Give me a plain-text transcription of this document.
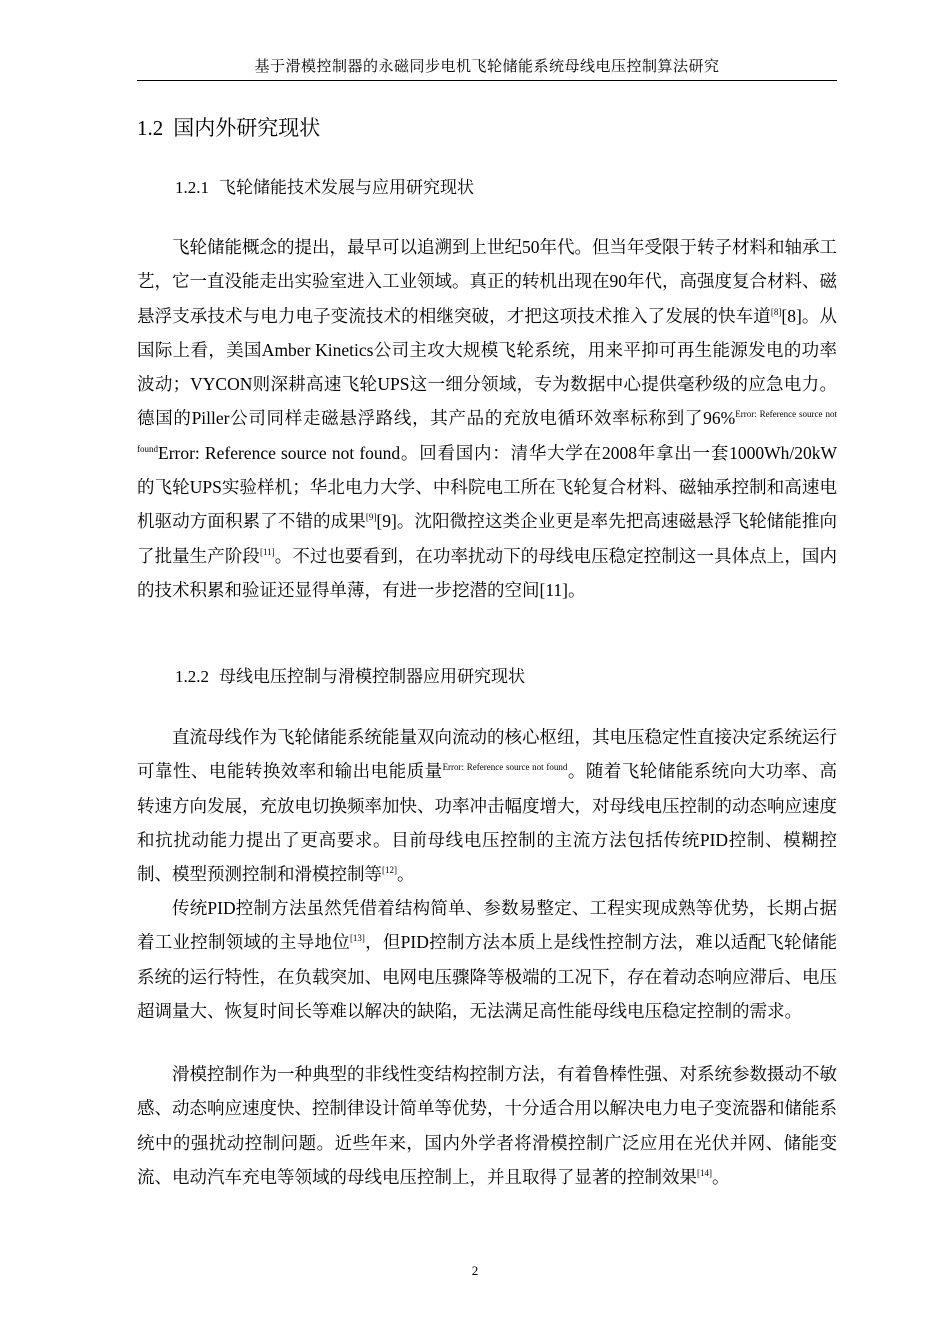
基于滑模控制器的永磁同步电机飞轮储能系统母线电压控制算法研究
1.2 国内外研究现状
1.2.1 飞轮储能技术发展与应用研究现状

飞轮储能概念的提出，最早可以追溯到上世纪50年代。但当年受限于转子材料和轴承工艺，它一直没能走出实验室进入工业领域。真正的转机出现在90年代，高强度复合材料、磁悬浮支承技术与电力电子变流技术的相继突破，才把这项技术推入了发展的快车道[8][8]。从国际上看，美国Amber Kinetics公司主攻大规模飞轮系统，用来平抑可再生能源发电的功率波动；VYCON则深耕高速飞轮UPS这一细分领域，专为数据中心提供毫秒级的应急电力。德国的Piller公司同样走磁悬浮路线，其产品的充放电循环效率标称到了96%$^{Error: Reference source not found}$Error: Reference source not found。回看国内：清华大学在2008年拿出一套1000Wh/20kW的飞轮UPS实验样机；华北电力大学、中科院电工所在飞轮复合材料、磁轴承控制和高速电机驱动方面积累了不错的成果[9][9]。沈阳微控这类企业更是率先把高速磁悬浮飞轮储能推向了批量生产阶段[11]。不过也要看到，在功率扰动下的母线电压稳定控制这一具体点上，国内的技术积累和验证还显得单薄，有进一步挖潜的空间[11]。

1.2.2 母线电压控制与滑模控制器应用研究现状

直流母线作为飞轮储能系统能量双向流动的核心枢纽，其电压稳定性直接决定系统运行可靠性、电能转换效率和输出电能质量$^{Error: Reference source not found}$。随着飞轮储能系统向大功率、高转速方向发展，充放电切换频率加快、功率冲击幅度增大，对母线电压控制的动态响应速度和抗扰动能力提出了更高要求。目前母线电压控制的主流方法包括传统PID控制、模糊控制、模型预测控制和滑模控制等[12]。

传统PID控制方法虽然凭借着结构简单、参数易整定、工程实现成熟等优势，长期占据着工业控制领域的主导地位[13]，但PID控制方法本质上是线性控制方法，难以适配飞轮储能系统的运行特性，在负载突加、电网电压骤降等极端的工况下，存在着动态响应滞后、电压超调量大、恢复时间长等难以解决的缺陷，无法满足高性能母线电压稳定控制的需求。

滑模控制作为一种典型的非线性变结构控制方法，有着鲁棒性强、对系统参数摄动不敏感、动态响应速度快、控制律设计简单等优势，十分适合用以解决电力电子变流器和储能系统中的强扰动控制问题。近些年来，国内外学者将滑模控制广泛应用在光伏并网、储能变流、电动汽车充电等领域的母线电压控制上，并且取得了显著的控制效果[14]。

2
